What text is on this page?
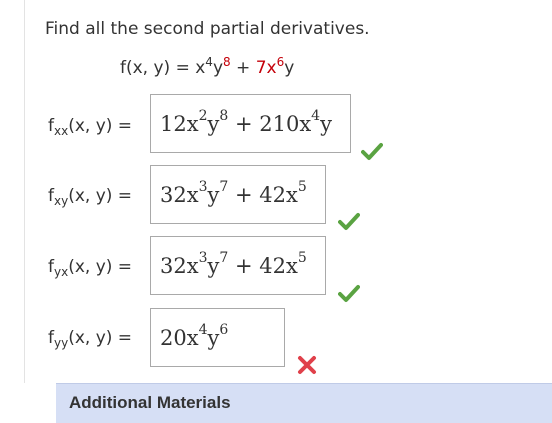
Find all the second partial derivatives.
f(x, $y) = x^4y^8 + 7x^6y$
$f_{xx}(x$, y) =	$12x^2y^8 + 210x^4y$
$f_{xy}(x$, y) =	$32x^3y^7 + 42x^5$
$f_{yx}(x$, y) =	$32x^3y^7 + 42x^5$
$f_{yy}(x$, y) =	$20x^4y^6$
Additional Materials
